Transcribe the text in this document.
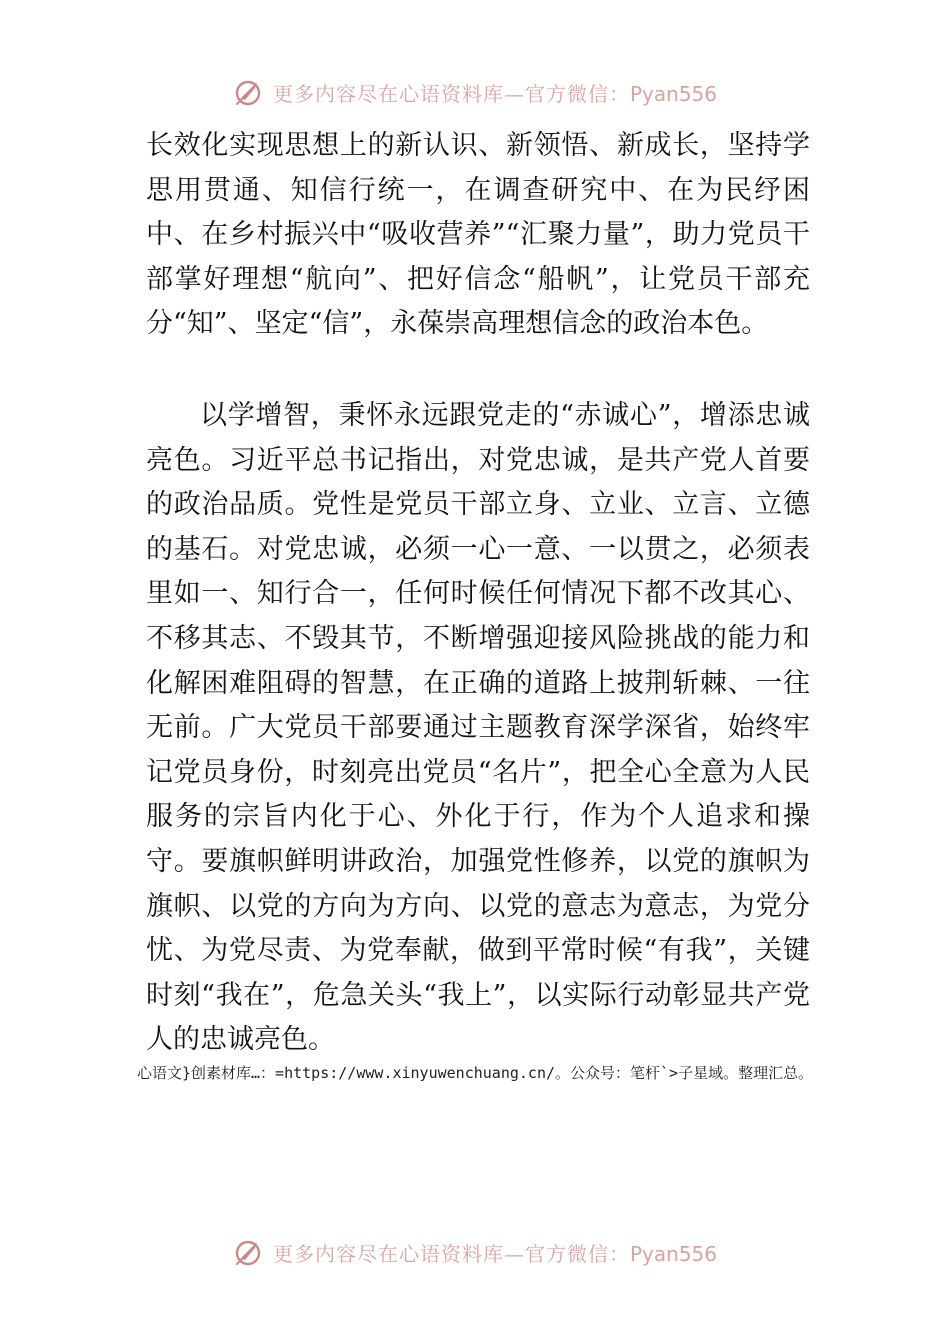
更多内容尽在心语资料库—官方微信：Pyan556

长效化实现思想上的新认识、新领悟、新成长，坚持学思用贯通、知信行统一，在调查研究中、在为民纾困中、在乡村振兴中“吸收营养”“汇聚力量”，助力党员干部掌好理想“航向”、把好信念“船帆”，让党员干部充分“知”、坚定“信”，永葆崇高理想信念的政治本色。

以学增智，秉怀永远跟党走的“赤诚心”，增添忠诚亮色。习近平总书记指出，对党忠诚，是共产党人首要的政治品质。党性是党员干部立身、立业、立言、立德的基石。对党忠诚，必须一心一意、一以贯之，必须表里如一、知行合一，任何时候任何情况下都不改其心、不移其志、不毁其节，不断增强迎接风险挑战的能力和化解困难阻碍的智慧，在正确的道路上披荆斩棘、一往无前。广大党员干部要通过主题教育深学深省，始终牢记党员身份，时刻亮出党员“名片”，把全心全意为人民服务的宗旨内化于心、外化于行，作为个人追求和操守。要旗帜鲜明讲政治，加强党性修养，以党的旗帜为旗帜、以党的方向为方向、以党的意志为意志，为党分忧、为党尽责、为党奉献，做到平常时候“有我”，关键时刻“我在”，危急关头“我上”，以实际行动彰显共产党人的忠诚亮色。

心语文}创素材库…：=https://www.xinyuwenchuang.cn/。公众号：笔杆`>子星域。整理汇总。
更多内容尽在心语资料库—官方微信：Pyan556
